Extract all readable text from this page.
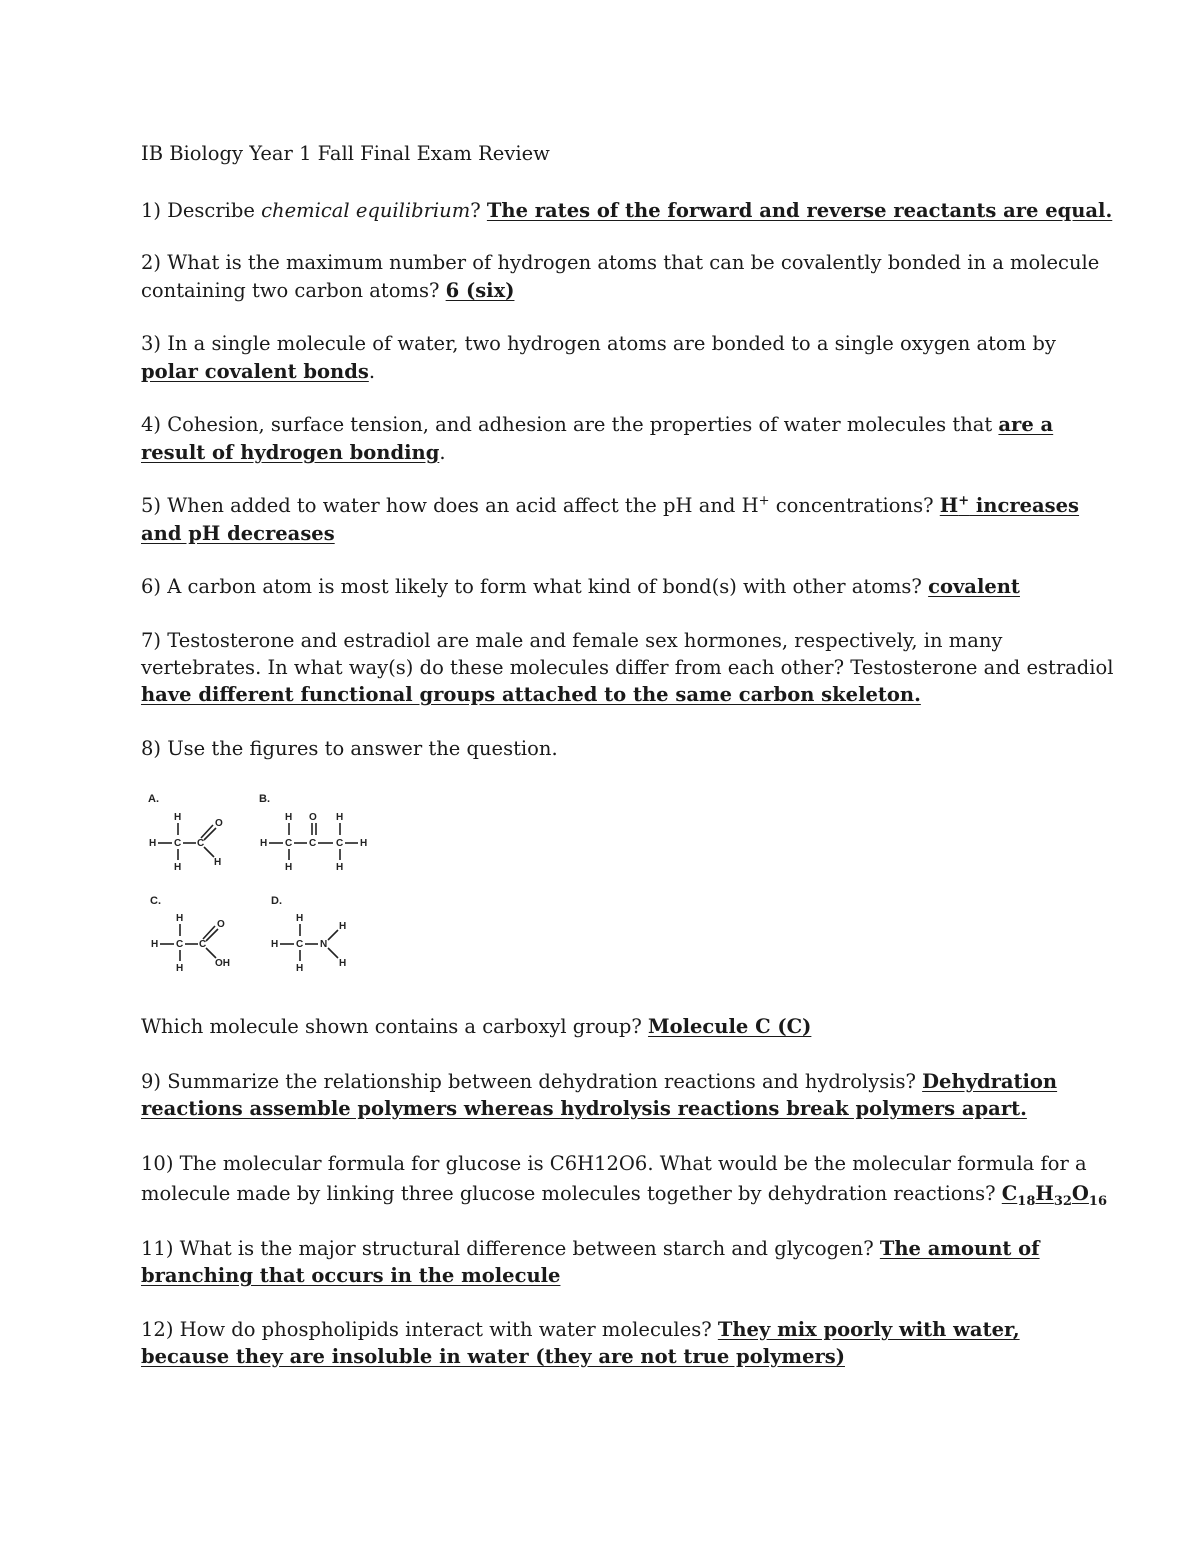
IB Biology Year 1 Fall Final Exam Review
1) Describe chemical equilibrium? The rates of the forward and reverse reactants are equal.
2) What is the maximum number of hydrogen atoms that can be covalently bonded in a molecule
containing two carbon atoms? 6 (six)
3) In a single molecule of water, two hydrogen atoms are bonded to a single oxygen atom by
polar covalent bonds.
4) Cohesion, surface tension, and adhesion are the properties of water molecules that are a
result of hydrogen bonding.
5) When added to water how does an acid affect the pH and H+ concentrations? H+ increases
and pH decreases
6) A carbon atom is most likely to form what kind of bond(s) with other atoms? covalent
7) Testosterone and estradiol are male and female sex hormones, respectively, in many
vertebrates. In what way(s) do these molecules differ from each other? Testosterone and estradiol
have different functional groups attached to the same carbon skeleton.
8) Use the figures to answer the question.
A.
H
H C C
O
H
H
B.
H O H
H C C C H
H	H
C.
H
H C C
O
OH
H
D.
H
H C N
H
H
H
Which molecule shown contains a carboxyl group? Molecule C (C)
9) Summarize the relationship between dehydration reactions and hydrolysis? Dehydration
reactions assemble polymers whereas hydrolysis reactions break polymers apart.
10) The molecular formula for glucose is C6H12O6. What would be the molecular formula for a
molecule made by linking three glucose molecules together by dehydration reactions? $C_{18}H_{32}O_{16}$
11) What is the major structural difference between starch and glycogen? The amount of
branching that occurs in the molecule
12) How do phospholipids interact with water molecules? They mix poorly with water,
because they are insoluble in water (they are not true polymers)
